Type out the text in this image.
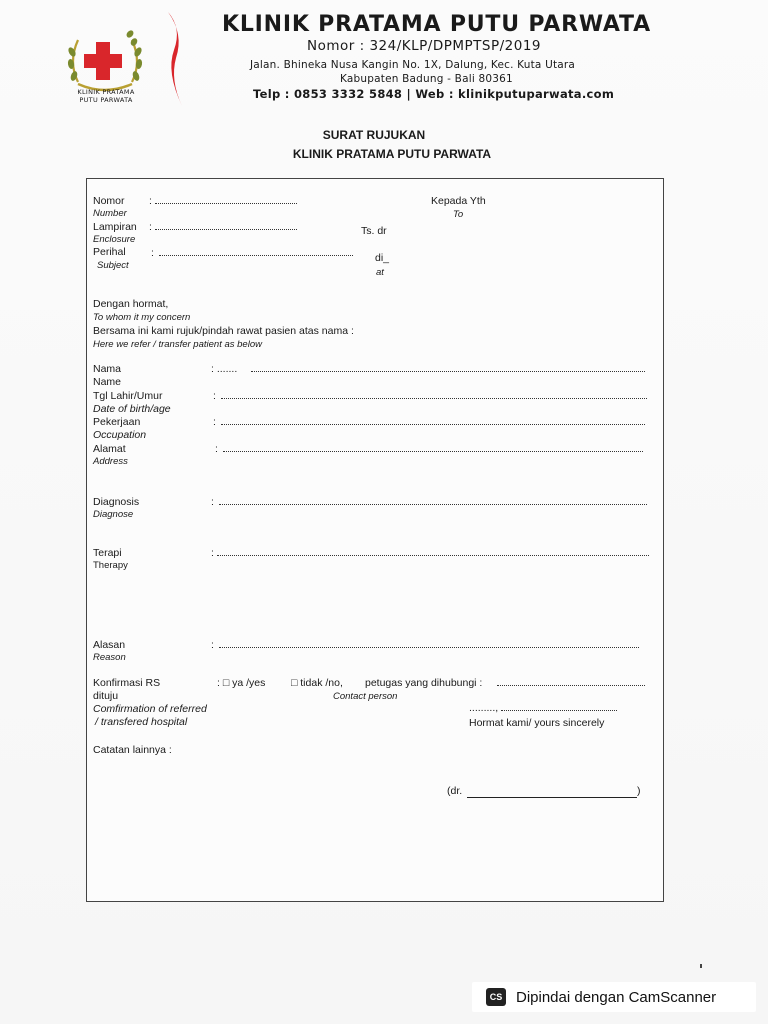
KLINIK PRATAMA
PUTU PARWATA
KLINIK PRATAMA PUTU PARWATA
Nomor : 324/KLP/DPMPTSP/2019
Jalan. Bhineka Nusa Kangin No. 1X, Dalung, Kec. Kuta Utara
Kabupaten Badung - Bali 80361
Telp : 0853 3332 5848 | Web : klinikputuparwata.com
SURAT RUJUKAN
KLINIK PRATAMA PUTU PARWATA
Nomor
Number
:
Lampiran
Enclosure
:
Perihal
Subject
:
Kepada Yth
To
Ts. dr
di_
at
Dengan hormat,
To whom it my concern
Bersama ini kami rujuk/pindah rawat pasien atas nama :
Here we refer / transfer patient as below
Nama
Name
: .......
Tgl Lahir/Umur
Date of birth/age
:
Pekerjaan
Occupation
:
Alamat
Address
:
Diagnosis
Diagnose
:
Terapi
Therapy
:
Alasan
Reason
:
Konfirmasi RS
dituju
Comfirmation of referred
/ transfered hospital
: □ ya /yes □ tidak /no, petugas yang dihubungi :
Contact person
.........,
Hormat kami/ yours sincerely
Catatan lainnya :
(dr.	)
CS Dipindai dengan CamScanner
